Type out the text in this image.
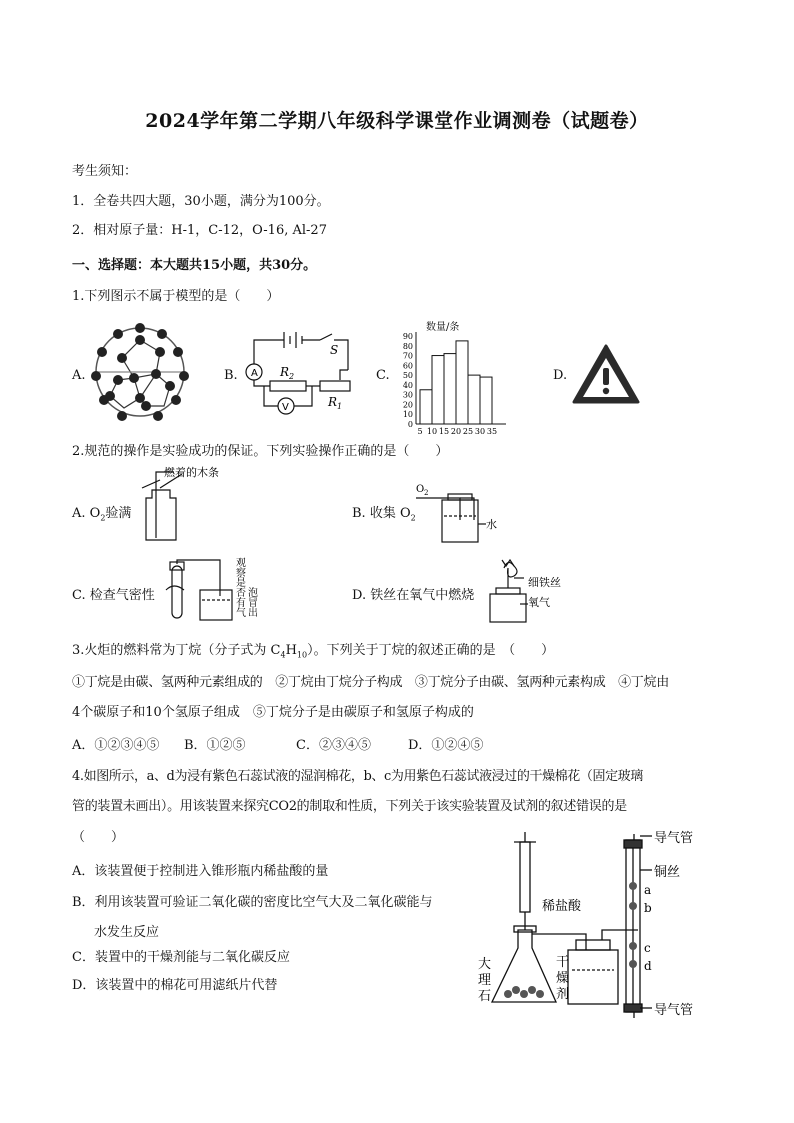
2024学年第二学期八年级科学课堂作业调测卷（试题卷）
考生须知：
1．全卷共四大题，30小题，满分为100分。
2．相对原子量：H-1，C-12，O-16, Al-27
一、选择题：本大题共15小题，共30分。
1.下列图示不属于模型的是（　　）
A.	B.	C.	D.
A
S
R 2
V	R 1
数量/条
0
10
20
30
40
50
60
70
80
90
5 10 15 20 25 30 35
2.规范的操作是实验成功的保证。下列实验操作正确的是（　　）
A. $O_2$验满
燃着的木条
B. 收集 $O_2$
O 2
水
C. 检查气密性
观
察
是
否
有
气
泡
冒
出
D. 铁丝在氧气中燃烧
细铁丝
氧气
3.火炬的燃料常为丁烷（分子式为 $C_4H_{10}$）。下列关于丁烷的叙述正确的是　（　　）
①丁烷是由碳、氢两种元素组成的　②丁烷由丁烷分子构成　③丁烷分子由碳、氢两种元素构成　④丁烷由
4个碳原子和10个氢原子组成　⑤丁烷分子是由碳原子和氢原子构成的
A．①②③④⑤ B．①②⑤	C．②③④⑤	D．①②④⑤
4.如图所示，a、d为浸有紫色石蕊试液的湿润棉花，b、c为用紫色石蕊试液浸过的干燥棉花（固定玻璃
管的装置未画出）。用该装置来探究CO2的制取和性质，下列关于该实验装置及试剂的叙述错误的是
（　　）
A．该装置便于控制进入锥形瓶内稀盐酸的量
B．利用该装置可验证二氧化碳的密度比空气大及二氧化碳能与
水发生反应
C．装置中的干燥剂能与二氧化碳反应
D．该装置中的棉花可用滤纸片代替
导气管
铜丝
稀盐酸
a
b
c
d
大
理
石
干
燥
剂
导气管
